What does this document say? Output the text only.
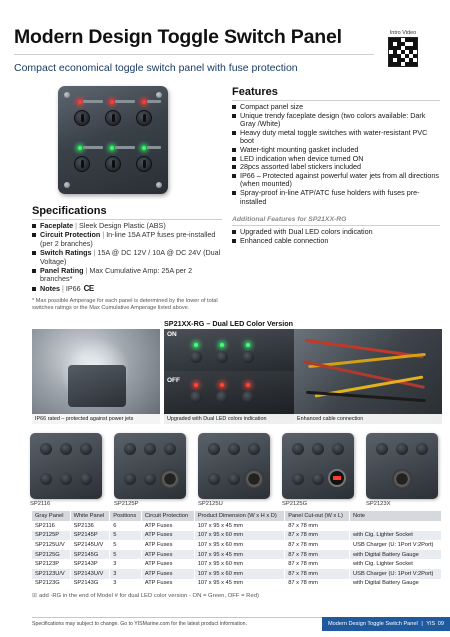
Modern Design Toggle Switch Panel
Compact economical toggle switch panel with fuse protection
Intro Video
Features
Compact panel size
Unique trendy faceplate design (two colors available: Dark Gray /White)
Heavy duty metal toggle switches with water-resistant PVC boot
Water-tight mounting gasket included
LED indication when device turned ON
28pcs assorted label stickers included
IP66 – Protected against powerful water jets from all directions (when mounted)
Spray-proof in-line ATP/ATC fuse holders with fuses pre-installed
Additional Features for SP21XX-RG
Upgraded with Dual LED colors indication
Enhanced cable connection
Specifications
Faceplate | Sleek Design Plastic (ABS)
Circuit Protection | In-line 15A ATP fuses pre-installed (per 2 branches)
Switch Ratings | 15A @ DC 12V / 10A @ DC 24V (Dual Voltage)
Panel Rating | Max Cumulative Amp: 25A per 2 branches*
Notes | IP66 CE
* Max possible Amperage for each panel is determined by the lower of total switches ratings or the Max Cumulative Amperage listed above.
SP21XX-RG – Dual LED Color Version
IP66 rated – protected against power jets
ON
OFF
Upgraded with Dual LED colors indication	Enhanced cable connection
SP2116	SP2125P	SP2125U	SP2125G	SP2123X
Gray Panel	White Panel	Positions	Circuit Protection	Product Dimension (W x H x D)	Panel Cut-out (W x L)	Note
SP2116	SP2136	6	ATP Fuses	107 x 95 x 45 mm	87 x 78 mm	
SP2125P	SP2145P	5	ATP Fuses	107 x 95 x 60 mm	87 x 78 mm	with Cig. Lighter Socket
SP2125U/V	SP2145U/V	5	ATP Fuses	107 x 95 x 60 mm	87 x 78 mm	USB Charger (U: 1Port V:2Port)
SP2125G	SP2145G	5	ATP Fuses	107 x 95 x 45 mm	87 x 78 mm	with Digital Battery Gauge
SP2123P	SP2143P	3	ATP Fuses	107 x 95 x 60 mm	87 x 78 mm	with Cig. Lighter Socket
SP2123U/V	SP2143U/V	3	ATP Fuses	107 x 95 x 60 mm	87 x 78 mm	USB Charger (U: 1Port V:2Port)
SP2123G	SP2143G	3	ATP Fuses	107 x 95 x 45 mm	87 x 78 mm	with Digital Battery Gauge
⊞ add -RG in the end of Model # for dual LED color version - ON = Green, OFF = Red)
Specifications may subject to change. Go to YISMarine.com for the latest product information.	Modern Design Toggle Switch Panel | YIS 09
